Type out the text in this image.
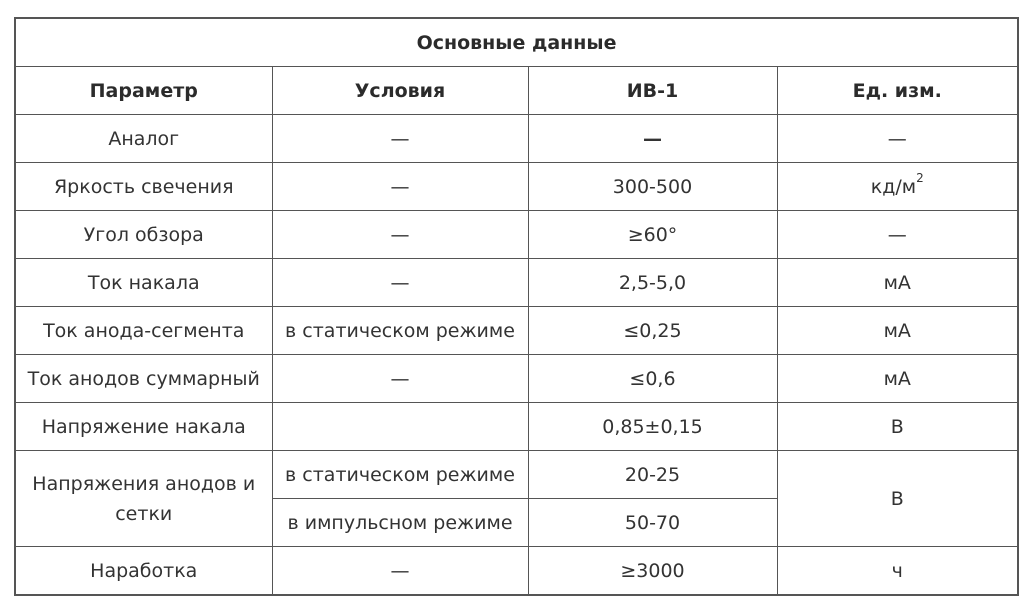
Основные данные			
Параметр	Условия	ИВ-1	Ед. изм.
Аналог	—	—	—
Яркость свечения	—	300-500	$кд/м^2$
Угол обзора	—	≥60°	—
Ток накала	—	2,5-5,0	мА
Ток анода-сегмента	в статическом режиме	≤0,25	мА
Ток анодов суммарный	—	≤0,6	мА
Напряжение накала		0,85±0,15	В
Напряжения анодов и сетки	в статическом режиме	20-25	В
	в импульсном режиме	50-70	
Наработка	—	≥3000	ч
